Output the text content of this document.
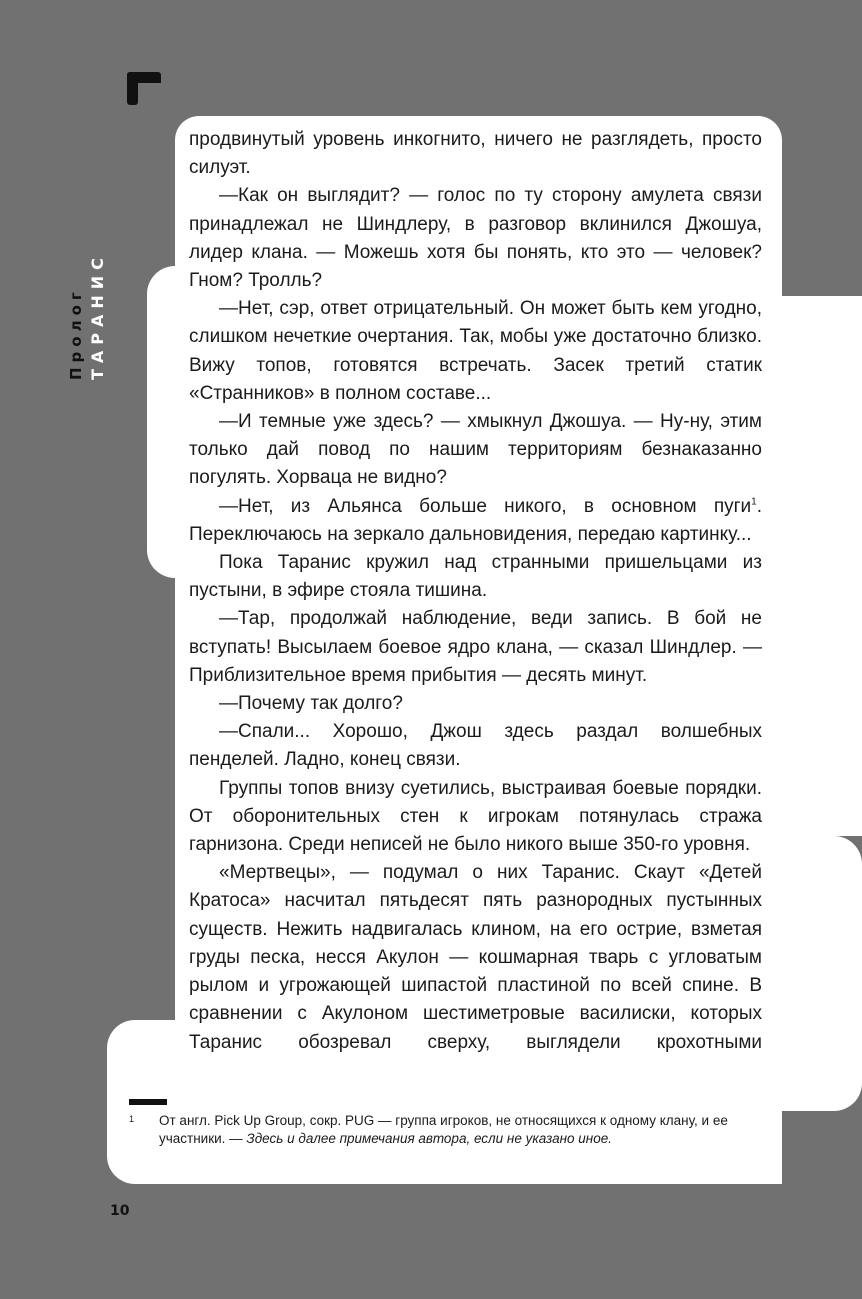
Пролог ТАРАНИС

продвинутый уровень инкогнито, ничего не разглядеть, просто силуэт.

—Как он выглядит? — голос по ту сторону амулета связи принадлежал не Шиндлеру, в разговор вклинился Джошуа, лидер клана. — Можешь хотя бы понять, кто это — человек? Гном? Тролль?

—Нет, сэр, ответ отрицательный. Он может быть кем угодно, слишком нечеткие очертания. Так, мобы уже достаточно близко. Вижу топов, готовятся встречать. Засек третий статик «Странников» в полном составе...

—И темные уже здесь? — хмыкнул Джошуа. — Ну-ну, этим только дай повод по нашим территориям безнаказанно погулять. Хорваца не видно?

—Нет, из Альянса больше никого, в основном пуги$^1$. Переключаюсь на зеркало дальновидения, передаю картинку...

Пока Таранис кружил над странными пришельцами из пустыни, в эфире стояла тишина.

—Тар, продолжай наблюдение, веди запись. В бой не вступать! Высылаем боевое ядро клана, — сказал Шиндлер. — Приблизительное время прибытия — десять минут.

—Почему так долго?

—Спали... Хорошо, Джош здесь раздал волшебных пенделей. Ладно, конец связи.

Группы топов внизу суетились, выстраивая боевые порядки. От оборонительных стен к игрокам потянулась стража гарнизона. Среди неписей не было никого выше 350-го уровня.

«Мертвецы», — подумал о них Таранис. Скаут «Детей Кратоса» насчитал пятьдесят пять разнородных пустынных существ. Нежить надвигалась клином, на его острие, взметая груды песка, несся Акулон — кошмарная тварь с угловатым рылом и угрожающей шипастой пластиной по всей спине. В сравнении с Акулоном шестиметровые василиски, которых Таранис обозревал сверху, выглядели крохотными

1 От англ. Pick Up Group, сокр. PUG — группа игроков, не относящихся к одному клану, и ее участники. — Здесь и далее примечания автора, если не указано иное.
10
